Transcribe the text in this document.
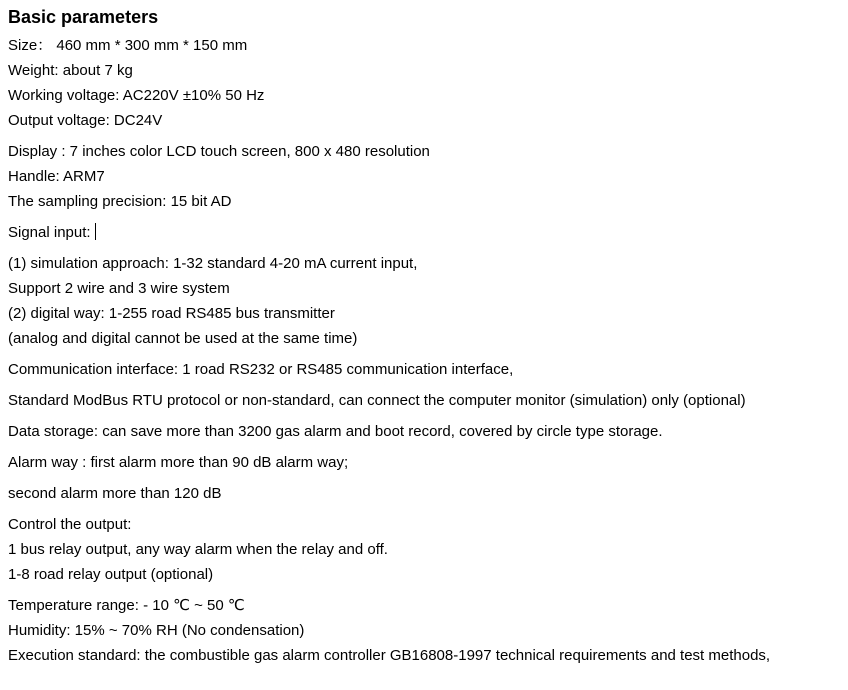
Basic parameters
Size： 460 mm * 300 mm * 150 mm
Weight: about 7 kg
Working voltage: AC220V ±10% 50 Hz
Output voltage: DC24V
Display : 7 inches color LCD touch screen, 800 x 480 resolution
Handle: ARM7
The sampling precision: 15 bit AD
Signal input:
(1) simulation approach: 1-32 standard 4-20 mA current input,
Support 2 wire and 3 wire system
(2) digital way: 1-255 road RS485 bus transmitter
(analog and digital cannot be used at the same time)
Communication interface: 1 road RS232 or RS485 communication interface,
Standard ModBus RTU protocol or non-standard, can connect the computer monitor (simulation) only (optional)
Data storage: can save more than 3200 gas alarm and boot record, covered by circle type storage.
Alarm way : first alarm more than 90 dB alarm way;
second alarm more than 120 dB
Control the output:
1 bus relay output, any way alarm when the relay and off.
1-8 road relay output (optional)
Temperature range: - 10 ℃ ~ 50 ℃
Humidity: 15% ~ 70% RH (No condensation)
Execution standard: the combustible gas alarm controller GB16808-1997 technical requirements and test methods,
